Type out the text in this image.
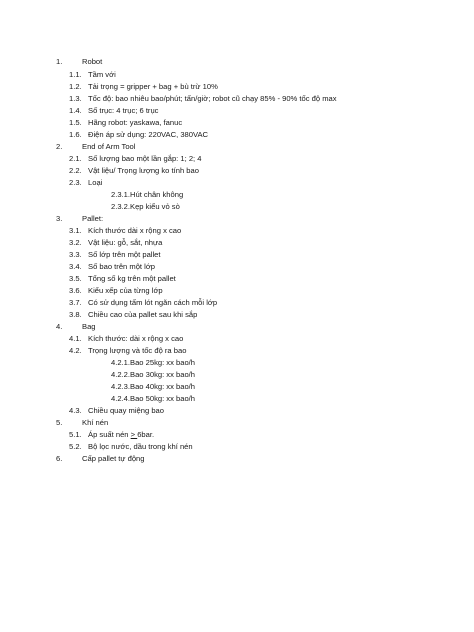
1.	Robot
1.1. Tầm với
1.2. Tải trọng = gripper + bag + bù trừ 10%
1.3. Tốc độ: bao nhiêu bao/phút; tấn/giờ; robot cũ chạy 85% - 90% tốc độ max
1.4. Số trục: 4 trục; 6 trục
1.5. Hãng robot: yaskawa, fanuc
1.6. Điện áp sử dụng: 220VAC, 380VAC
2.	End of Arm Tool
2.1. Số lượng bao một lần gắp: 1; 2; 4
2.2. Vật liệu/ Trọng lượng ko tính bao
2.3. Loại
2.3.1.Hút chân không
2.3.2.Kẹp kiểu vỏ sò
3.	Pallet:
3.1. Kích thước dài x rộng x cao
3.2. Vật liệu: gỗ, sắt, nhựa
3.3. Số lớp trên một pallet
3.4. Số bao trên một lớp
3.5. Tổng số kg trên một pallet
3.6. Kiểu xếp của từng lớp
3.7. Có sử dụng tấm lót ngăn cách mỗi lớp
3.8. Chiều cao của pallet sau khi sắp
4.	Bag
4.1. Kích thước: dài x rộng x cao
4.2. Trọng lượng và tốc độ ra bao
4.2.1.Bao 25kg: xx bao/h
4.2.2.Bao 30kg: xx bao/h
4.2.3.Bao 40kg: xx bao/h
4.2.4.Bao 50kg: xx bao/h
4.3. Chiều quay miệng bao
5.	Khí nén
5.1. Áp suất nén > 6bar.
5.2. Bộ lọc nước, dầu trong khí nén
6.	Cấp pallet tự động
